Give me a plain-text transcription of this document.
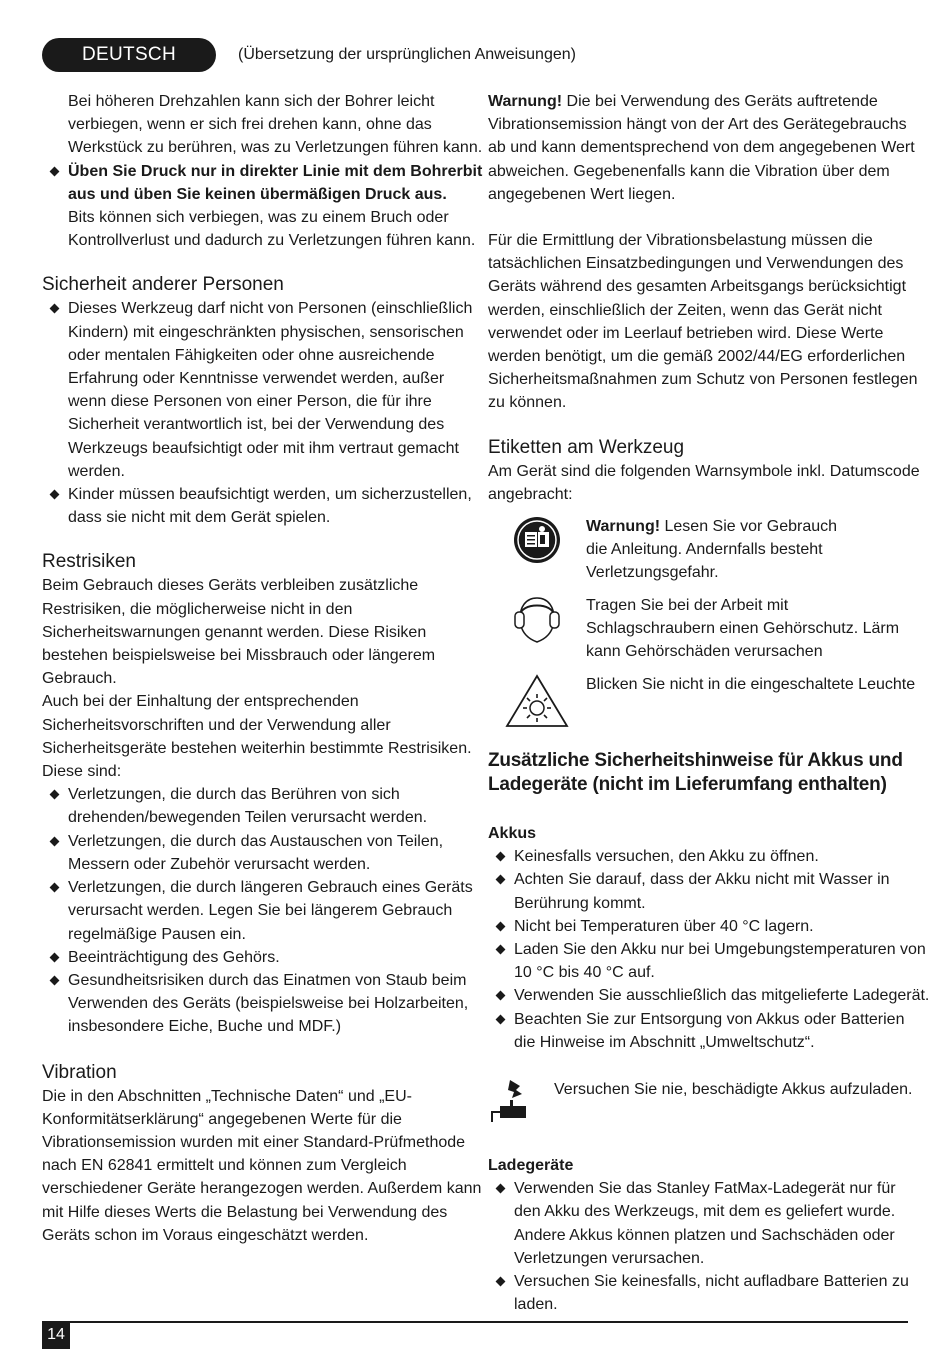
DEUTSCH	(Übersetzung der ursprünglichen Anweisungen)
Bei höheren Drehzahlen kann sich der Bohrer leicht
verbiegen, wenn er sich frei drehen kann, ohne das
Werkstück zu berühren, was zu Verletzungen führen kann.
Üben Sie Druck nur in direkter Linie mit dem Bohrerbit
aus und üben Sie keinen übermäßigen Druck aus.
Bits können sich verbiegen, was zu einem Bruch oder
Kontrollverlust und dadurch zu Verletzungen führen kann.
Sicherheit anderer Personen
Dieses Werkzeug darf nicht von Personen (einschließlich
Kindern) mit eingeschränkten physischen, sensorischen
oder mentalen Fähigkeiten oder ohne ausreichende
Erfahrung oder Kenntnisse verwendet werden, außer
wenn diese Personen von einer Person, die für ihre
Sicherheit verantwortlich ist, bei der Verwendung des
Werkzeugs beaufsichtigt oder mit ihm vertraut gemacht
werden.
Kinder müssen beaufsichtigt werden, um sicherzustellen,
dass sie nicht mit dem Gerät spielen.
Restrisiken
Beim Gebrauch dieses Geräts verbleiben zusätzliche
Restrisiken, die möglicherweise nicht in den
Sicherheitswarnungen genannt werden. Diese Risiken
bestehen beispielsweise bei Missbrauch oder längerem
Gebrauch.
Auch bei der Einhaltung der entsprechenden
Sicherheitsvorschriften und der Verwendung aller
Sicherheitsgeräte bestehen weiterhin bestimmte Restrisiken.
Diese sind:
Verletzungen, die durch das Berühren von sich
drehenden/bewegenden Teilen verursacht werden.
Verletzungen, die durch das Austauschen von Teilen,
Messern oder Zubehör verursacht werden.
Verletzungen, die durch längeren Gebrauch eines Geräts
verursacht werden. Legen Sie bei längerem Gebrauch
regelmäßige Pausen ein.
Beeinträchtigung des Gehörs.
Gesundheitsrisiken durch das Einatmen von Staub beim
Verwenden des Geräts (beispielsweise bei Holzarbeiten,
insbesondere Eiche, Buche und MDF.)
Vibration
Die in den Abschnitten „Technische Daten“ und „EU-
Konformitätserklärung“ angegebenen Werte für die
Vibrationsemission wurden mit einer Standard-Prüfmethode
nach EN 62841 ermittelt und können zum Vergleich
verschiedener Geräte herangezogen werden. Außerdem kann
mit Hilfe dieses Werts die Belastung bei Verwendung des
Geräts schon im Voraus eingeschätzt werden.
Warnung! Die bei Verwendung des Geräts auftretende
Vibrationsemission hängt von der Art des Gerätegebrauchs
ab und kann dementsprechend von dem angegebenen Wert
abweichen. Gegebenenfalls kann die Vibration über dem
angegebenen Wert liegen.
Für die Ermittlung der Vibrationsbelastung müssen die
tatsächlichen Einsatzbedingungen und Verwendungen des
Geräts während des gesamten Arbeitsgangs berücksichtigt
werden, einschließlich der Zeiten, wenn das Gerät nicht
verwendet oder im Leerlauf betrieben wird. Diese Werte
werden benötigt, um die gemäß 2002/44/EG erforderlichen
Sicherheitsmaßnahmen zum Schutz von Personen festlegen
zu können.
Etiketten am Werkzeug
Am Gerät sind die folgenden Warnsymbole inkl. Datumscode
angebracht:
Warnung! Lesen Sie vor Gebrauch
die Anleitung. Andernfalls besteht
Verletzungsgefahr.
Tragen Sie bei der Arbeit mit
Schlagschraubern einen Gehörschutz. Lärm
kann Gehörschäden verursachen
Blicken Sie nicht in die eingeschaltete Leuchte
Zusätzliche Sicherheitshinweise für Akkus und
Ladegeräte (nicht im Lieferumfang enthalten)
Akkus
Keinesfalls versuchen, den Akku zu öffnen.
Achten Sie darauf, dass der Akku nicht mit Wasser in
Berührung kommt.
Nicht bei Temperaturen über 40 °C lagern.
Laden Sie den Akku nur bei Umgebungstemperaturen von
10 °C bis 40 °C auf.
Verwenden Sie ausschließlich das mitgelieferte Ladegerät.
Beachten Sie zur Entsorgung von Akkus oder Batterien
die Hinweise im Abschnitt „Umweltschutz“.
Versuchen Sie nie, beschädigte Akkus aufzuladen.
Ladegeräte
Verwenden Sie das Stanley FatMax-Ladegerät nur für
den Akku des Werkzeugs, mit dem es geliefert wurde.
Andere Akkus können platzen und Sachschäden oder
Verletzungen verursachen.
Versuchen Sie keinesfalls, nicht aufladbare Batterien zu
laden.
14
